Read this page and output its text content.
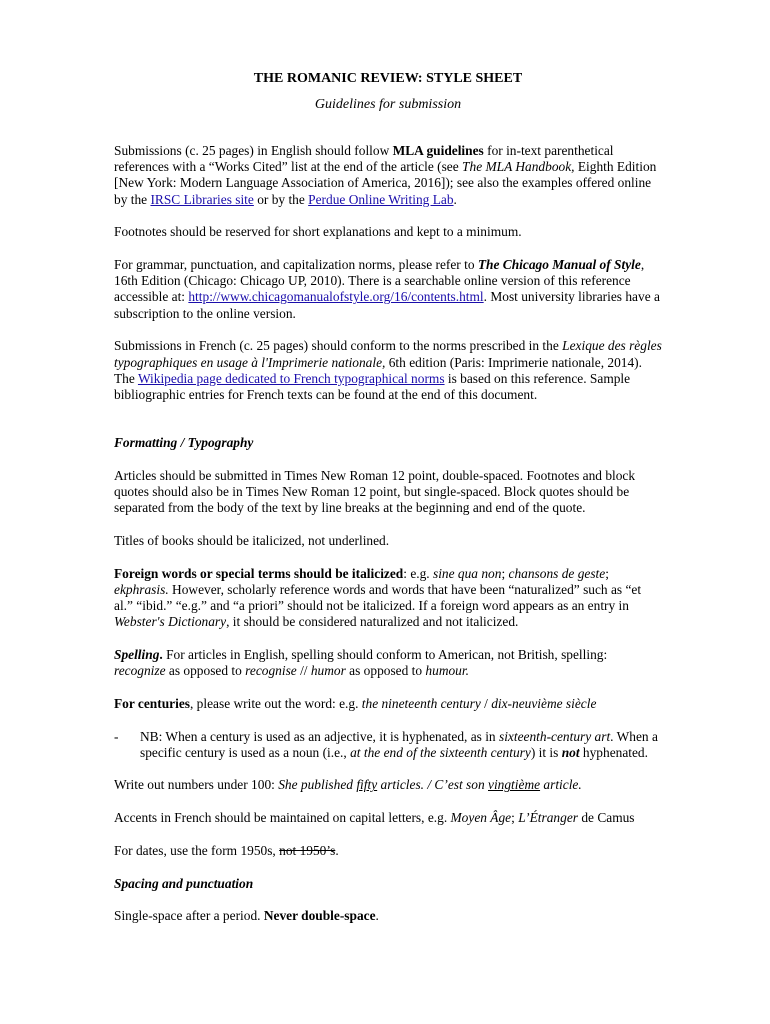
THE ROMANIC REVIEW: STYLE SHEET

Guidelines for submission

Submissions (c. 25 pages) in English should follow MLA guidelines for in-text parenthetical references with a “Works Cited” list at the end of the article (see The MLA Handbook, Eighth Edition [New York: Modern Language Association of America, 2016]); see also the examples offered online by the IRSC Libraries site or by the Perdue Online Writing Lab.

Footnotes should be reserved for short explanations and kept to a minimum.

For grammar, punctuation, and capitalization norms, please refer to The Chicago Manual of Style, 16th Edition (Chicago: Chicago UP, 2010). There is a searchable online version of this reference accessible at: http://www.chicagomanualofstyle.org/16/contents.html. Most university libraries have a subscription to the online version.

Submissions in French (c. 25 pages) should conform to the norms prescribed in the Lexique des règles typographiques en usage à l'Imprimerie nationale, 6th edition (Paris: Imprimerie nationale, 2014). The Wikipedia page dedicated to French typographical norms is based on this reference. Sample bibliographic entries for French texts can be found at the end of this document.

Formatting / Typography

Articles should be submitted in Times New Roman 12 point, double-spaced. Footnotes and block quotes should also be in Times New Roman 12 point, but single-spaced. Block quotes should be separated from the body of the text by line breaks at the beginning and end of the quote.

Titles of books should be italicized, not underlined.

Foreign words or special terms should be italicized: e.g. sine qua non; chansons de geste; ekphrasis. However, scholarly reference words and words that have been “naturalized” such as “et al.” “ibid.” “e.g.” and “a priori” should not be italicized. If a foreign word appears as an entry in Webster's Dictionary, it should be considered naturalized and not italicized.

Spelling. For articles in English, spelling should conform to American, not British, spelling: recognize as opposed to recognise // humor as opposed to humour.

For centuries, please write out the word: e.g. the nineteenth century / dix-neuvième siècle

-	NB: When a century is used as an adjective, it is hyphenated, as in sixteenth-century art. When a specific century is used as a noun (i.e., at the end of the sixteenth century) it is not hyphenated.

Write out numbers under 100: She published fifty articles. / C’est son vingtième article.

Accents in French should be maintained on capital letters, e.g. Moyen Âge; L’Étranger de Camus

For dates, use the form 1950s, not 1950’s.

Spacing and punctuation

Single-space after a period. Never double-space.
